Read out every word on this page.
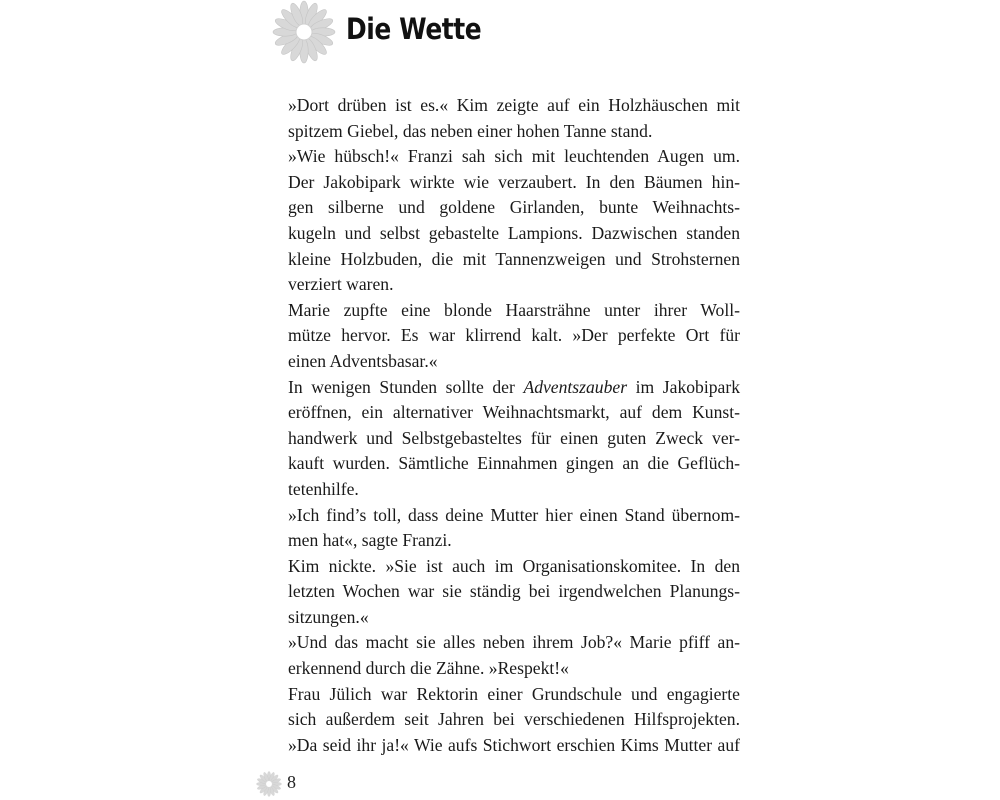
Die Wette
»Dort drüben ist es.« Kim zeigte auf ein Holzhäuschen mit
spitzem Giebel, das neben einer hohen Tanne stand.
»Wie hübsch!« Franzi sah sich mit leuchtenden Augen um.
Der Jakobipark wirkte wie verzaubert. In den Bäumen hin-
gen silberne und goldene Girlanden, bunte Weihnachts-
kugeln und selbst gebastelte Lampions. Dazwischen standen
kleine Holzbuden, die mit Tannenzweigen und Strohsternen
verziert waren.
Marie zupfte eine blonde Haarsträhne unter ihrer Woll-
mütze hervor. Es war klirrend kalt. »Der perfekte Ort für
einen Adventsbasar.«
In wenigen Stunden sollte der Adventszauber im Jakobipark
eröffnen, ein alternativer Weihnachtsmarkt, auf dem Kunst-
handwerk und Selbstgebasteltes für einen guten Zweck ver-
kauft wurden. Sämtliche Einnahmen gingen an die Geflüch-
tetenhilfe.
»Ich find’s toll, dass deine Mutter hier einen Stand übernom-
men hat«, sagte Franzi.
Kim nickte. »Sie ist auch im Organisationskomitee. In den
letzten Wochen war sie ständig bei irgendwelchen Planungs-
sitzungen.«
»Und das macht sie alles neben ihrem Job?« Marie pfiff an-
erkennend durch die Zähne. »Respekt!«
Frau Jülich war Rektorin einer Grundschule und engagierte
sich außerdem seit Jahren bei verschiedenen Hilfsprojekten.
»Da seid ihr ja!« Wie aufs Stichwort erschien Kims Mutter auf
8
